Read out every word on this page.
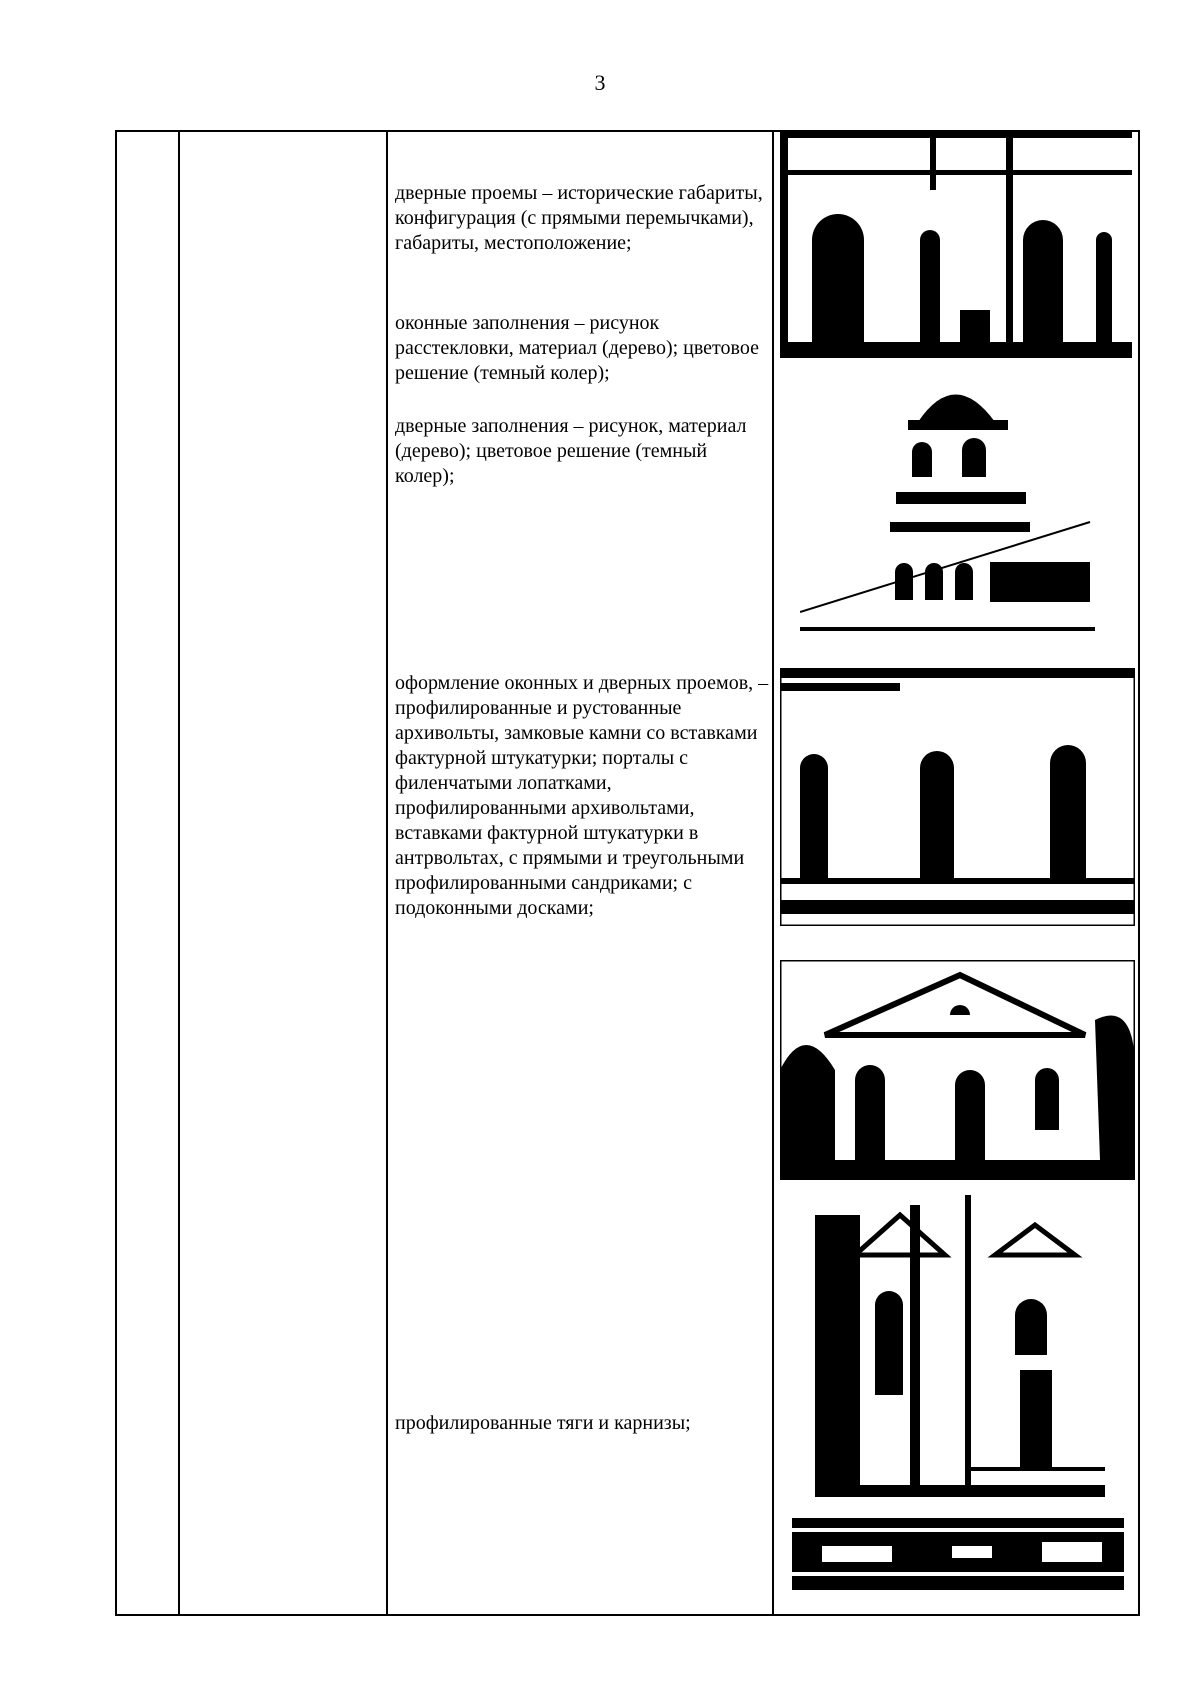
3
дверные проемы – исторические габариты, конфигурация (с прямыми перемычками), габариты, местоположение;
оконные заполнения – рисунок расстекловки, материал (дерево); цветовое решение (темный колер);
дверные заполнения – рисунок, материал (дерево); цветовое решение (темный колер);
оформление оконных и дверных проемов, – профилированные и рустованные архивольты, замковые камни со вставками фактурной штукатурки; порталы с филенчатыми лопатками, профилированными архивольтами, вставками фактурной штукатурки в антрвольтах, с прямыми и треугольными профилированными сандриками; с подоконными досками;
профилированные тяги и карнизы;
